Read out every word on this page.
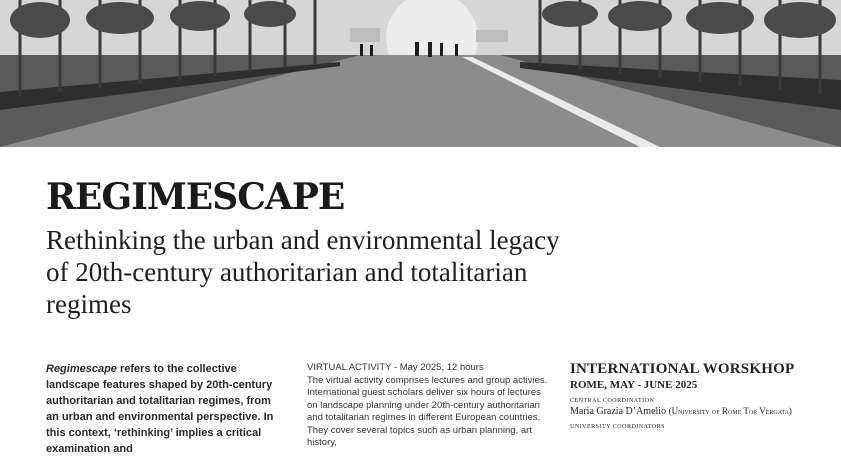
REGIMESCAPE
Rethinking the urban and environmental legacy of 20th-century authoritarian and totalitarian regimes
Regimescape refers to the collective landscape features shaped by 20th-century authoritarian and totalitarian regimes, from an urban and environmental perspective. In this context, ‘rethinking’ implies a critical examination and
VIRTUAL ACTIVITY - May 2025, 12 hours
The virtual activity comprises lectures and group activies. International guest scholars deliver six hours of lectures on landscape planning under 20th-century authoritarian and totalitarian regimes in different European countries. They cover several topics such as urban planning, art history,
INTERNATIONAL WORSKHOP
ROME, MAY - JUNE 2025
CENTRAL COORDINATION
Maria Grazia D’Amelio (University of Rome Tor Vergata)
UNIVERSITY COORDINATORS
